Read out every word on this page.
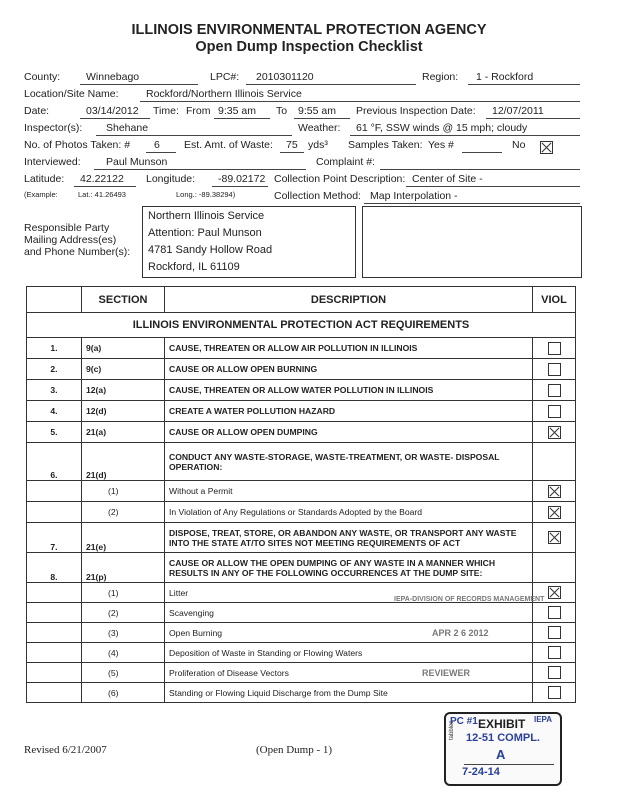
ILLINOIS ENVIRONMENTAL PROTECTION AGENCY
Open Dump Inspection Checklist
County: Winnebago	LPC#: 2010301120	Region: 1 - Rockford
Location/Site Name:	Rockford/Northern Illinois Service
Date:	03/14/2012 Time: From 9:35 am To 9:55 am Previous Inspection Date: 12/07/2011
Inspector(s): Shehane	Weather: 61 °F, SSW winds @ 15 mph; cloudy
No. of Photos Taken: # 6 Est. Amt. of Waste: 75 yds³ Samples Taken: Yes #	No
Interviewed: Paul Munson	Complaint #:
Latitude: 42.22122 Longitude: -89.02172 Collection Point Description: Center of Site -
(Example:	Lat.: 41.26493	Long.: -89.38294)	Collection Method: Map Interpolation -
Responsible Party
Mailing Address(es)
and Phone Number(s):
Northern Illinois Service
Attention: Paul Munson
4781 Sandy Hollow Road
Rockford, IL 61109
	SECTION	DESCRIPTION	VIOL
ILLINOIS ENVIRONMENTAL PROTECTION ACT REQUIREMENTS			
1.	9(a)	CAUSE, THREATEN OR ALLOW AIR POLLUTION IN ILLINOIS	
2.	9(c)	CAUSE OR ALLOW OPEN BURNING	
3.	12(a)	CAUSE, THREATEN OR ALLOW WATER POLLUTION IN ILLINOIS	
4.	12(d)	CREATE A WATER POLLUTION HAZARD	
5.	21(a)	CAUSE OR ALLOW OPEN DUMPING	
6.	21(d)	CONDUCT ANY WASTE-STORAGE, WASTE-TREATMENT, OR WASTE- DISPOSAL OPERATION:	
	(1)	Without a Permit	
	(2)	In Violation of Any Regulations or Standards Adopted by the Board	
7.	21(e)	DISPOSE, TREAT, STORE, OR ABANDON ANY WASTE, OR TRANSPORT ANY WASTE INTO THE STATE AT/TO SITES NOT MEETING REQUIREMENTS OF ACT	
8.	21(p)	CAUSE OR ALLOW THE OPEN DUMPING OF ANY WASTE IN A MANNER WHICH RESULTS IN ANY OF THE FOLLOWING OCCURRENCES AT THE DUMP SITE:	
	(1)	Litter	
	(2)	Scavenging	
	(3)	Open Burning	
	(4)	Deposition of Waste in Standing or Flowing Waters	
	(5)	Proliferation of Disease Vectors	
	(6)	Standing or Flowing Liquid Discharge from the Dump Site	
IEPA-DIVISION OF RECORDS MANAGEMENT
APR 2 6 2012
REVIEWER
tabbles
PC #1 EXHIBIT IEPA
12-51 COMPL.
A
7-24-14
Revised 6/21/2007	(Open Dump - 1)
